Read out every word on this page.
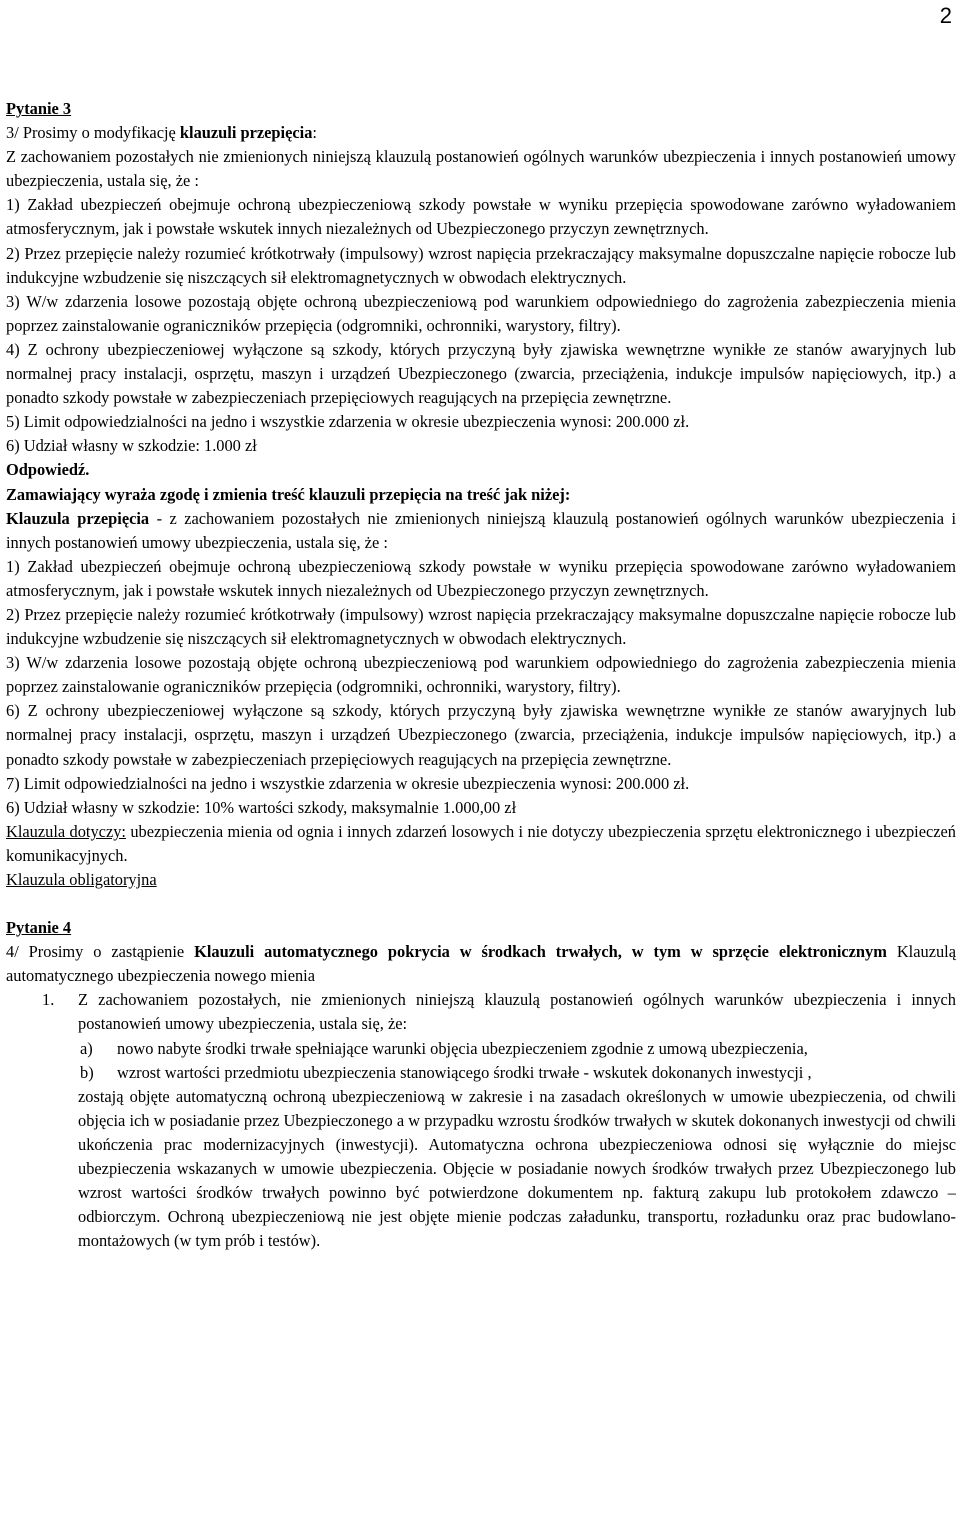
2

Pytanie 3

3/ Prosimy o modyfikację klauzuli przepięcia:

Z zachowaniem pozostałych nie zmienionych niniejszą klauzulą postanowień ogólnych warunków ubezpieczenia i innych postanowień umowy ubezpieczenia, ustala się, że :

1) Zakład ubezpieczeń obejmuje ochroną ubezpieczeniową szkody powstałe w wyniku przepięcia spowodowane zarówno wyładowaniem atmosferycznym, jak i powstałe wskutek innych niezależnych od Ubezpieczonego przyczyn zewnętrznych.

2) Przez przepięcie należy rozumieć krótkotrwały (impulsowy) wzrost napięcia przekraczający maksymalne dopuszczalne napięcie robocze lub indukcyjne wzbudzenie się niszczących sił elektromagnetycznych w obwodach elektrycznych.

3) W/w zdarzenia losowe pozostają objęte ochroną ubezpieczeniową pod warunkiem odpowiedniego do zagrożenia zabezpieczenia mienia poprzez zainstalowanie ograniczników przepięcia (odgromniki, ochronniki, warystory, filtry).

4) Z ochrony ubezpieczeniowej wyłączone są szkody, których przyczyną były zjawiska wewnętrzne wynikłe ze stanów awaryjnych lub normalnej pracy instalacji, osprzętu, maszyn i urządzeń Ubezpieczonego (zwarcia, przeciążenia, indukcje impulsów napięciowych, itp.) a ponadto szkody powstałe w zabezpieczeniach przepięciowych reagujących na przepięcia zewnętrzne.

5) Limit odpowiedzialności na jedno i wszystkie zdarzenia w okresie ubezpieczenia wynosi: 200.000 zł.

6) Udział własny w szkodzie: 1.000 zł

Odpowiedź.

Zamawiający wyraża zgodę i zmienia treść klauzuli przepięcia na treść jak niżej:

Klauzula przepięcia - z zachowaniem pozostałych nie zmienionych niniejszą klauzulą postanowień ogólnych warunków ubezpieczenia i innych postanowień umowy ubezpieczenia, ustala się, że :

1) Zakład ubezpieczeń obejmuje ochroną ubezpieczeniową szkody powstałe w wyniku przepięcia spowodowane zarówno wyładowaniem atmosferycznym, jak i powstałe wskutek innych niezależnych od Ubezpieczonego przyczyn zewnętrznych.

2) Przez przepięcie należy rozumieć krótkotrwały (impulsowy) wzrost napięcia przekraczający maksymalne dopuszczalne napięcie robocze lub indukcyjne wzbudzenie się niszczących sił elektromagnetycznych w obwodach elektrycznych.

3) W/w zdarzenia losowe pozostają objęte ochroną ubezpieczeniową pod warunkiem odpowiedniego do zagrożenia zabezpieczenia mienia poprzez zainstalowanie ograniczników przepięcia (odgromniki, ochronniki, warystory, filtry).

6) Z ochrony ubezpieczeniowej wyłączone są szkody, których przyczyną były zjawiska wewnętrzne wynikłe ze stanów awaryjnych lub normalnej pracy instalacji, osprzętu, maszyn i urządzeń Ubezpieczonego (zwarcia, przeciążenia, indukcje impulsów napięciowych, itp.) a ponadto szkody powstałe w zabezpieczeniach przepięciowych reagujących na przepięcia zewnętrzne.

7) Limit odpowiedzialności na jedno i wszystkie zdarzenia w okresie ubezpieczenia wynosi: 200.000 zł.

6) Udział własny w szkodzie: 10% wartości szkody, maksymalnie 1.000,00 zł

Klauzula dotyczy: ubezpieczenia mienia od ognia i innych zdarzeń losowych i nie dotyczy ubezpieczenia sprzętu elektronicznego i ubezpieczeń komunikacyjnych.

Klauzula obligatoryjna

Pytanie 4

4/ Prosimy o zastąpienie Klauzuli automatycznego pokrycia w środkach trwałych, w tym w sprzęcie elektronicznym Klauzulą automatycznego ubezpieczenia nowego mienia

1. Z zachowaniem pozostałych, nie zmienionych niniejszą klauzulą postanowień ogólnych warunków ubezpieczenia i innych postanowień umowy ubezpieczenia, ustala się, że:
a) nowo nabyte środki trwałe spełniające warunki objęcia ubezpieczeniem zgodnie z umową ubezpieczenia,
b) wzrost wartości przedmiotu ubezpieczenia stanowiącego środki trwałe - wskutek dokonanych inwestycji ,
zostają objęte automatyczną ochroną ubezpieczeniową w zakresie i na zasadach określonych w umowie ubezpieczenia, od chwili objęcia ich w posiadanie przez Ubezpieczonego a w przypadku wzrostu środków trwałych w skutek dokonanych inwestycji od chwili ukończenia prac modernizacyjnych (inwestycji). Automatyczna ochrona ubezpieczeniowa odnosi się wyłącznie do miejsc ubezpieczenia wskazanych w umowie ubezpieczenia. Objęcie w posiadanie nowych środków trwałych przez Ubezpieczonego lub wzrost wartości środków trwałych powinno być potwierdzone dokumentem np. fakturą zakupu lub protokołem zdawczo – odbiorczym. Ochroną ubezpieczeniową nie jest objęte mienie podczas załadunku, transportu, rozładunku oraz prac budowlano-montażowych (w tym prób i testów).
